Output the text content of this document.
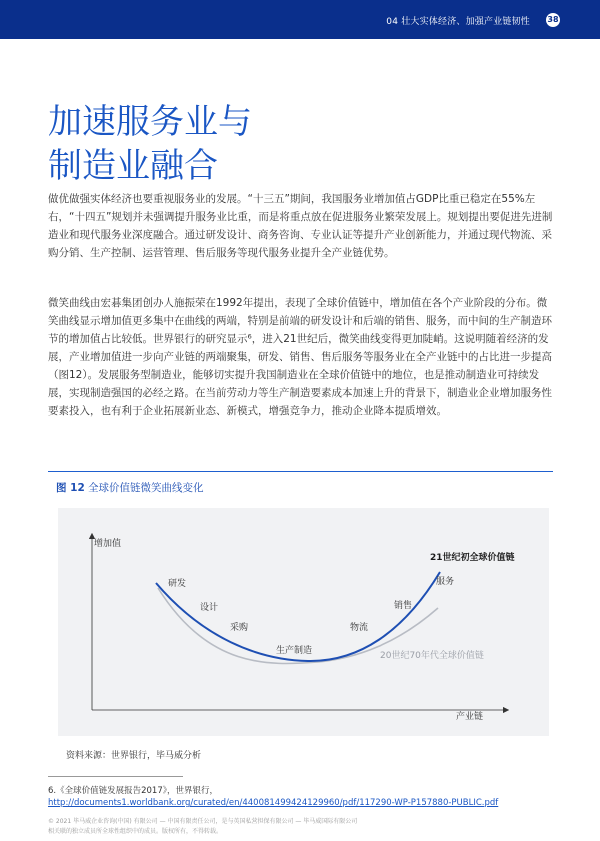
04 壮大实体经济、加强产业链韧性 38
加速服务业与
制造业融合

做优做强实体经济也要重视服务业的发展。“十三五”期间，我国服务业增加值占GDP比重已稳定在55%左右，“十四五”规划并未强调提升服务业比重，而是将重点放在促进服务业繁荣发展上。规划提出要促进先进制造业和现代服务业深度融合。通过研发设计、商务咨询、专业认证等提升产业创新能力，并通过现代物流、采购分销、生产控制、运营管理、售后服务等现代服务业提升全产业链优势。

微笑曲线由宏碁集团创办人施振荣在1992年提出，表现了全球价值链中，增加值在各个产业阶段的分布。微笑曲线显示增加值更多集中在曲线的两端，特别是前端的研发设计和后端的销售、服务，而中间的生产制造环节的增加值占比较低。世界银行的研究显示⁶，进入21世纪后，微笑曲线变得更加陡峭。这说明随着经济的发展，产业增加值进一步向产业链的两端聚集，研发、销售、售后服务等服务业在全产业链中的占比进一步提高（图12）。发展服务型制造业，能够切实提升我国制造业在全球价值链中的地位，也是推动制造业可持续发展，实现制造强国的必经之路。在当前劳动力等生产制造要素成本加速上升的背景下，制造业企业增加服务性要素投入，也有利于企业拓展新业态、新模式，增强竞争力，推动企业降本提质增效。

图 12 全球价值链微笑曲线变化
增加值
产业链
研发
设计
采购
生产制造
物流
销售
服务
21世纪初全球价值链
20世纪70年代全球价值链
资料来源：世界银行，毕马威分析
6.《全球价值链发展报告2017》，世界银行，
http://documents1.worldbank.org/curated/en/440081499424129960/pdf/117290-WP-P157880-PUBLIC.pdf
© 2021 毕马威企业咨询(中国) 有限公司 — 中国有限责任公司，是与英国私营担保有限公司 — 毕马威国际有限公司
相关联的独立成员所全球性组织中的成员。版权所有，不得转载。
